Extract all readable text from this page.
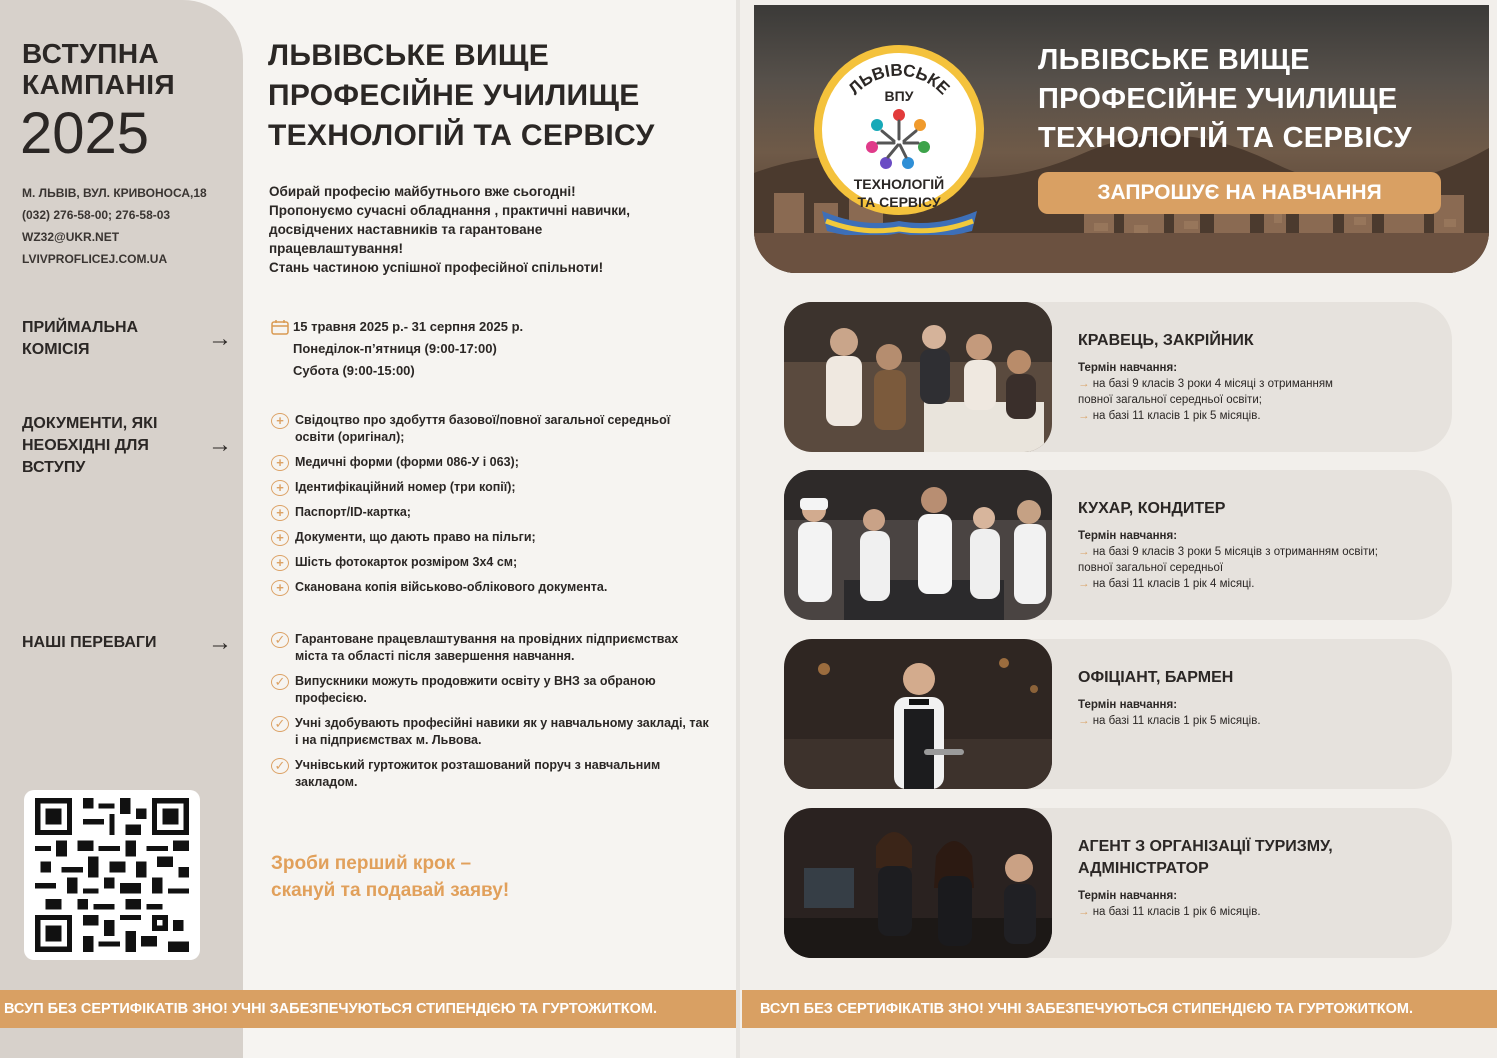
ВСТУПНА
КАМПАНІЯ
2025
М. ЛЬВІВ, ВУЛ. КРИВОНОСА,18
(032) 276-58-00; 276-58-03
WZ32@UKR.NET
LVIVPROFLICEJ.COM.UA
ПРИЙМАЛЬНА
КОМІСІЯ	→
ДОКУМЕНТИ, ЯКІ
НЕОБХІДНІ ДЛЯ
ВСТУПУ
→
НАШІ ПЕРЕВАГИ →
ЛЬВІВСЬКЕ ВИЩЕ
ПРОФЕСІЙНЕ УЧИЛИЩЕ
ТЕХНОЛОГІЙ ТА СЕРВІСУ
Обирай професію майбутнього вже сьогодні!
Пропонуємо сучасні обладнання , практичні навички,
досвідчених наставників та гарантоване
працевлаштування!
Стань частиною успішної професійної спільноти!
15 травня 2025 р.- 31 серпня 2025 р.
Понеділок-п’ятниця (9:00-17:00)
Субота (9:00-15:00)
+ Свідоцтво про здобуття базової/повної загальної середньої освіти (оригінал);
+ Медичні форми (форми 086-У і 063);
+ Ідентифікаційний номер (три копії);
+ Паспорт/ID-картка;
+ Документи, що дають право на пільги;
+ Шість фотокарток розміром 3х4 см;
+ Сканована копія військово-облікового документа.
✓ Гарантоване працевлаштування на провідних підприємствах міста та області після завершення навчання.
✓ Випускники можуть продовжити освіту у ВНЗ за обраною професією.
✓ Учні здобувають професійні навики як у навчальному закладі, так і на підприємствах м. Львова.
✓ Учнівський гуртожиток розташований поруч з навчальним закладом.
Зроби перший крок –
скануй та подавай заяву!
ВСУП БЕЗ СЕРТИФІКАТІВ ЗНО! УЧНІ ЗАБЕЗПЕЧУЮТЬСЯ СТИПЕНДІЄЮ ТА ГУРТОЖИТКОМ.
ЛЬВІВСЬКЕ
ВПУ
ТЕХНОЛОГІЙ
ТА СЕРВІСУ
ЛЬВІВСЬКЕ ВИЩЕ
ПРОФЕСІЙНЕ УЧИЛИЩЕ
ТЕХНОЛОГІЙ ТА СЕРВІСУ
ЗАПРОШУЄ НА НАВЧАННЯ
КРАВЕЦЬ, ЗАКРІЙНИК
Термін навчання:
→ на базі 9 класів 3 роки 4 місяці з отриманням
повної загальної середньої освіти;
→ на базі 11 класів 1 рік 5 місяців.
КУХАР, КОНДИТЕР
Термін навчання:
→ на базі 9 класів 3 роки 5 місяців з отриманням освіти;
повної загальної середньої
→ на базі 11 класів 1 рік 4 місяці.
ОФІЦІАНТ, БАРМЕН
Термін навчання:
→ на базі 11 класів 1 рік 5 місяців.
АГЕНТ З ОРГАНІЗАЦІЇ ТУРИЗМУ,
АДМІНІСТРАТОР
Термін навчання:
→ на базі 11 класів 1 рік 6 місяців.
ВСУП БЕЗ СЕРТИФІКАТІВ ЗНО! УЧНІ ЗАБЕЗПЕЧУЮТЬСЯ СТИПЕНДІЄЮ ТА ГУРТОЖИТКОМ.
